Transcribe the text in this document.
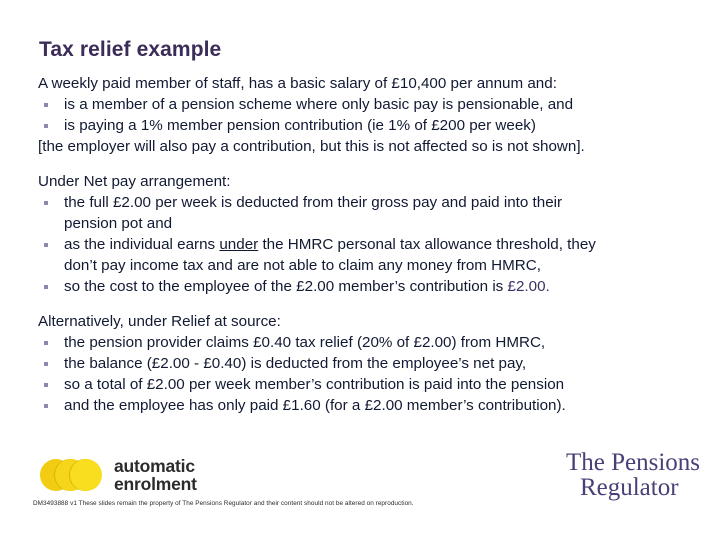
Tax relief example
A weekly paid member of staff, has a basic salary of £10,400 per annum and:
is a member of a pension scheme where only basic pay is pensionable, and
is paying a 1% member pension contribution (ie 1% of £200 per week)
[the employer will also pay a contribution, but this is not affected so is not shown].
Under Net pay arrangement:
the full £2.00 per week is deducted from their gross pay and paid into their
pension pot and
as the individual earns under the HMRC personal tax allowance threshold, they
don’t pay income tax and are not able to claim any money from HMRC,
so the cost to the employee of the £2.00 member’s contribution is £2.00.
Alternatively, under Relief at source:
the pension provider claims £0.40 tax relief (20% of £2.00) from HMRC,
the balance (£2.00 - £0.40) is deducted from the employee’s net pay,
so a total of £2.00 per week member’s contribution is paid into the pension
and the employee has only paid £1.60 (for a £2.00 member’s contribution).
automatic
enrolment
The Pensions
Regulator
DM3493888 v1 These slides remain the property of The Pensions Regulator and their content should not be altered on reproduction.
